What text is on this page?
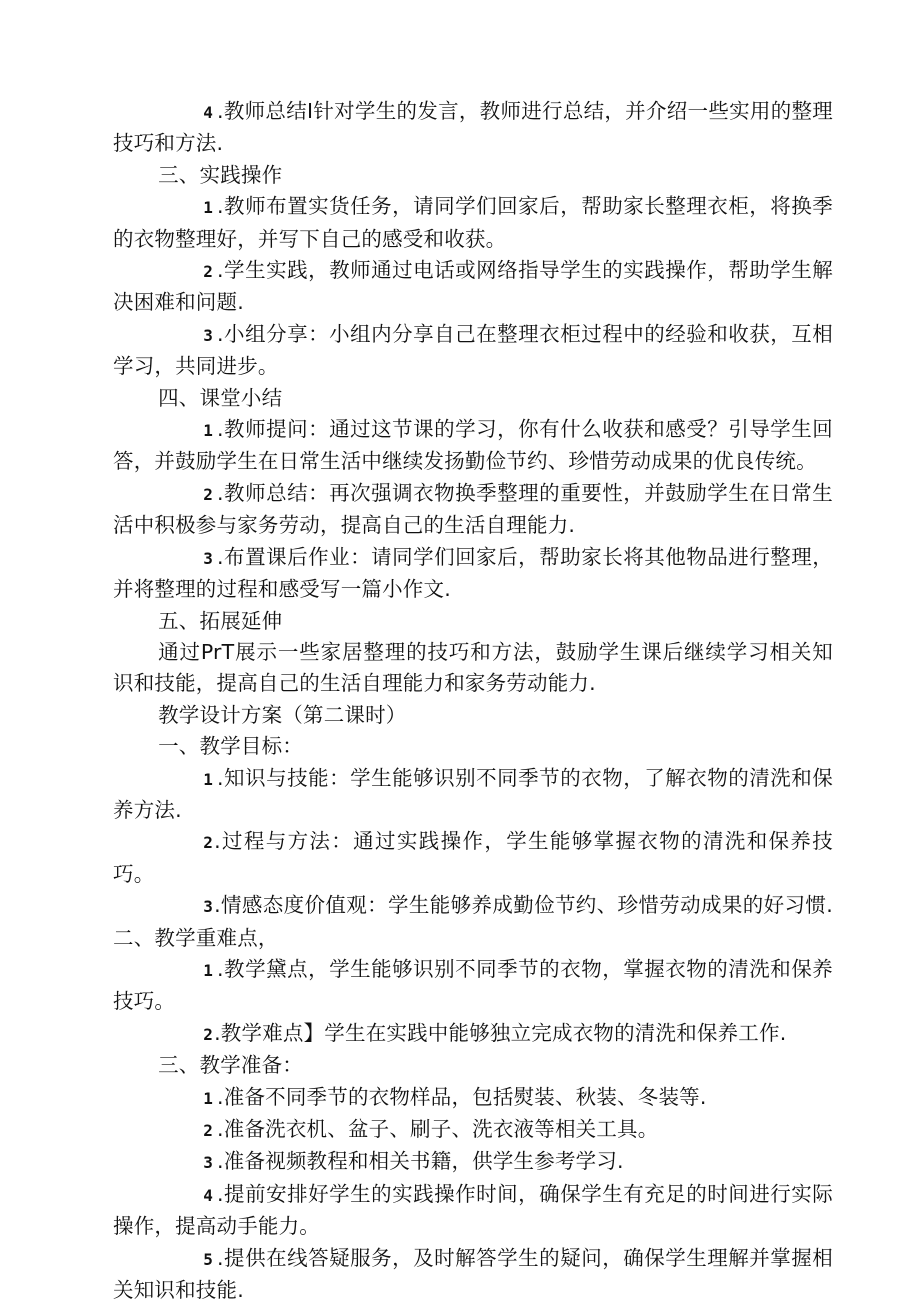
4 .教师总结I针对学生的发言，教师进行总结，并介绍一些实用的整理技巧和方法.

三、实践操作

1 .教师布置实货任务，请同学们回家后，帮助家长整理衣柜，将换季的衣物整理好，并写下自己的感受和收获。

2 .学生实践，教师通过电话或网络指导学生的实践操作，帮助学生解决困难和问题.

3 .小组分享：小组内分享自己在整理衣柜过程中的经验和收获，互相学习，共同进步。

四、课堂小结

1 .教师提问：通过这节课的学习，你有什么收获和感受？引导学生回答，并鼓励学生在日常生活中继续发扬勤俭节约、珍惜劳动成果的优良传统。

2 .教师总结：再次强调衣物换季整理的重要性，并鼓励学生在日常生活中积极参与家务劳动，提高自己的生活自理能力.

3 .布置课后作业：请同学们回家后，帮助家长将其他物品进行整理，并将整理的过程和感受写一篇小作文.

五、拓展延伸

通过PrT展示一些家居整理的技巧和方法，鼓励学生课后继续学习相关知识和技能，提高自己的生活自理能力和家务劳动能力.

教学设计方案（第二课时）

一、教学目标：

1 .知识与技能：学生能够识别不同季节的衣物，了解衣物的清洗和保养方法.

2.过程与方法：通过实践操作，学生能够掌握衣物的清洗和保养技巧。

3.情感态度价值观：学生能够养成勤俭节约、珍惜劳动成果的好习惯.二、教学重难点，

1 .教学黛点，学生能够识别不同季节的衣物，掌握衣物的清洗和保养技巧。

2.教学难点】学生在实践中能够独立完成衣物的清洗和保养工作.

三、教学准备：

1 .准备不同季节的衣物样品，包括熨装、秋装、冬装等.

2 .准备洗衣机、盆子、刷子、洗衣液等相关工具。

3 .准备视频教程和相关书籍，供学生参考学习.

4 .提前安排好学生的实践操作时间，确保学生有充足的时间进行实际操作，提高动手能力。

5 .提供在线答疑服务，及时解答学生的疑问，确保学生理解并掌握相关知识和技能.
